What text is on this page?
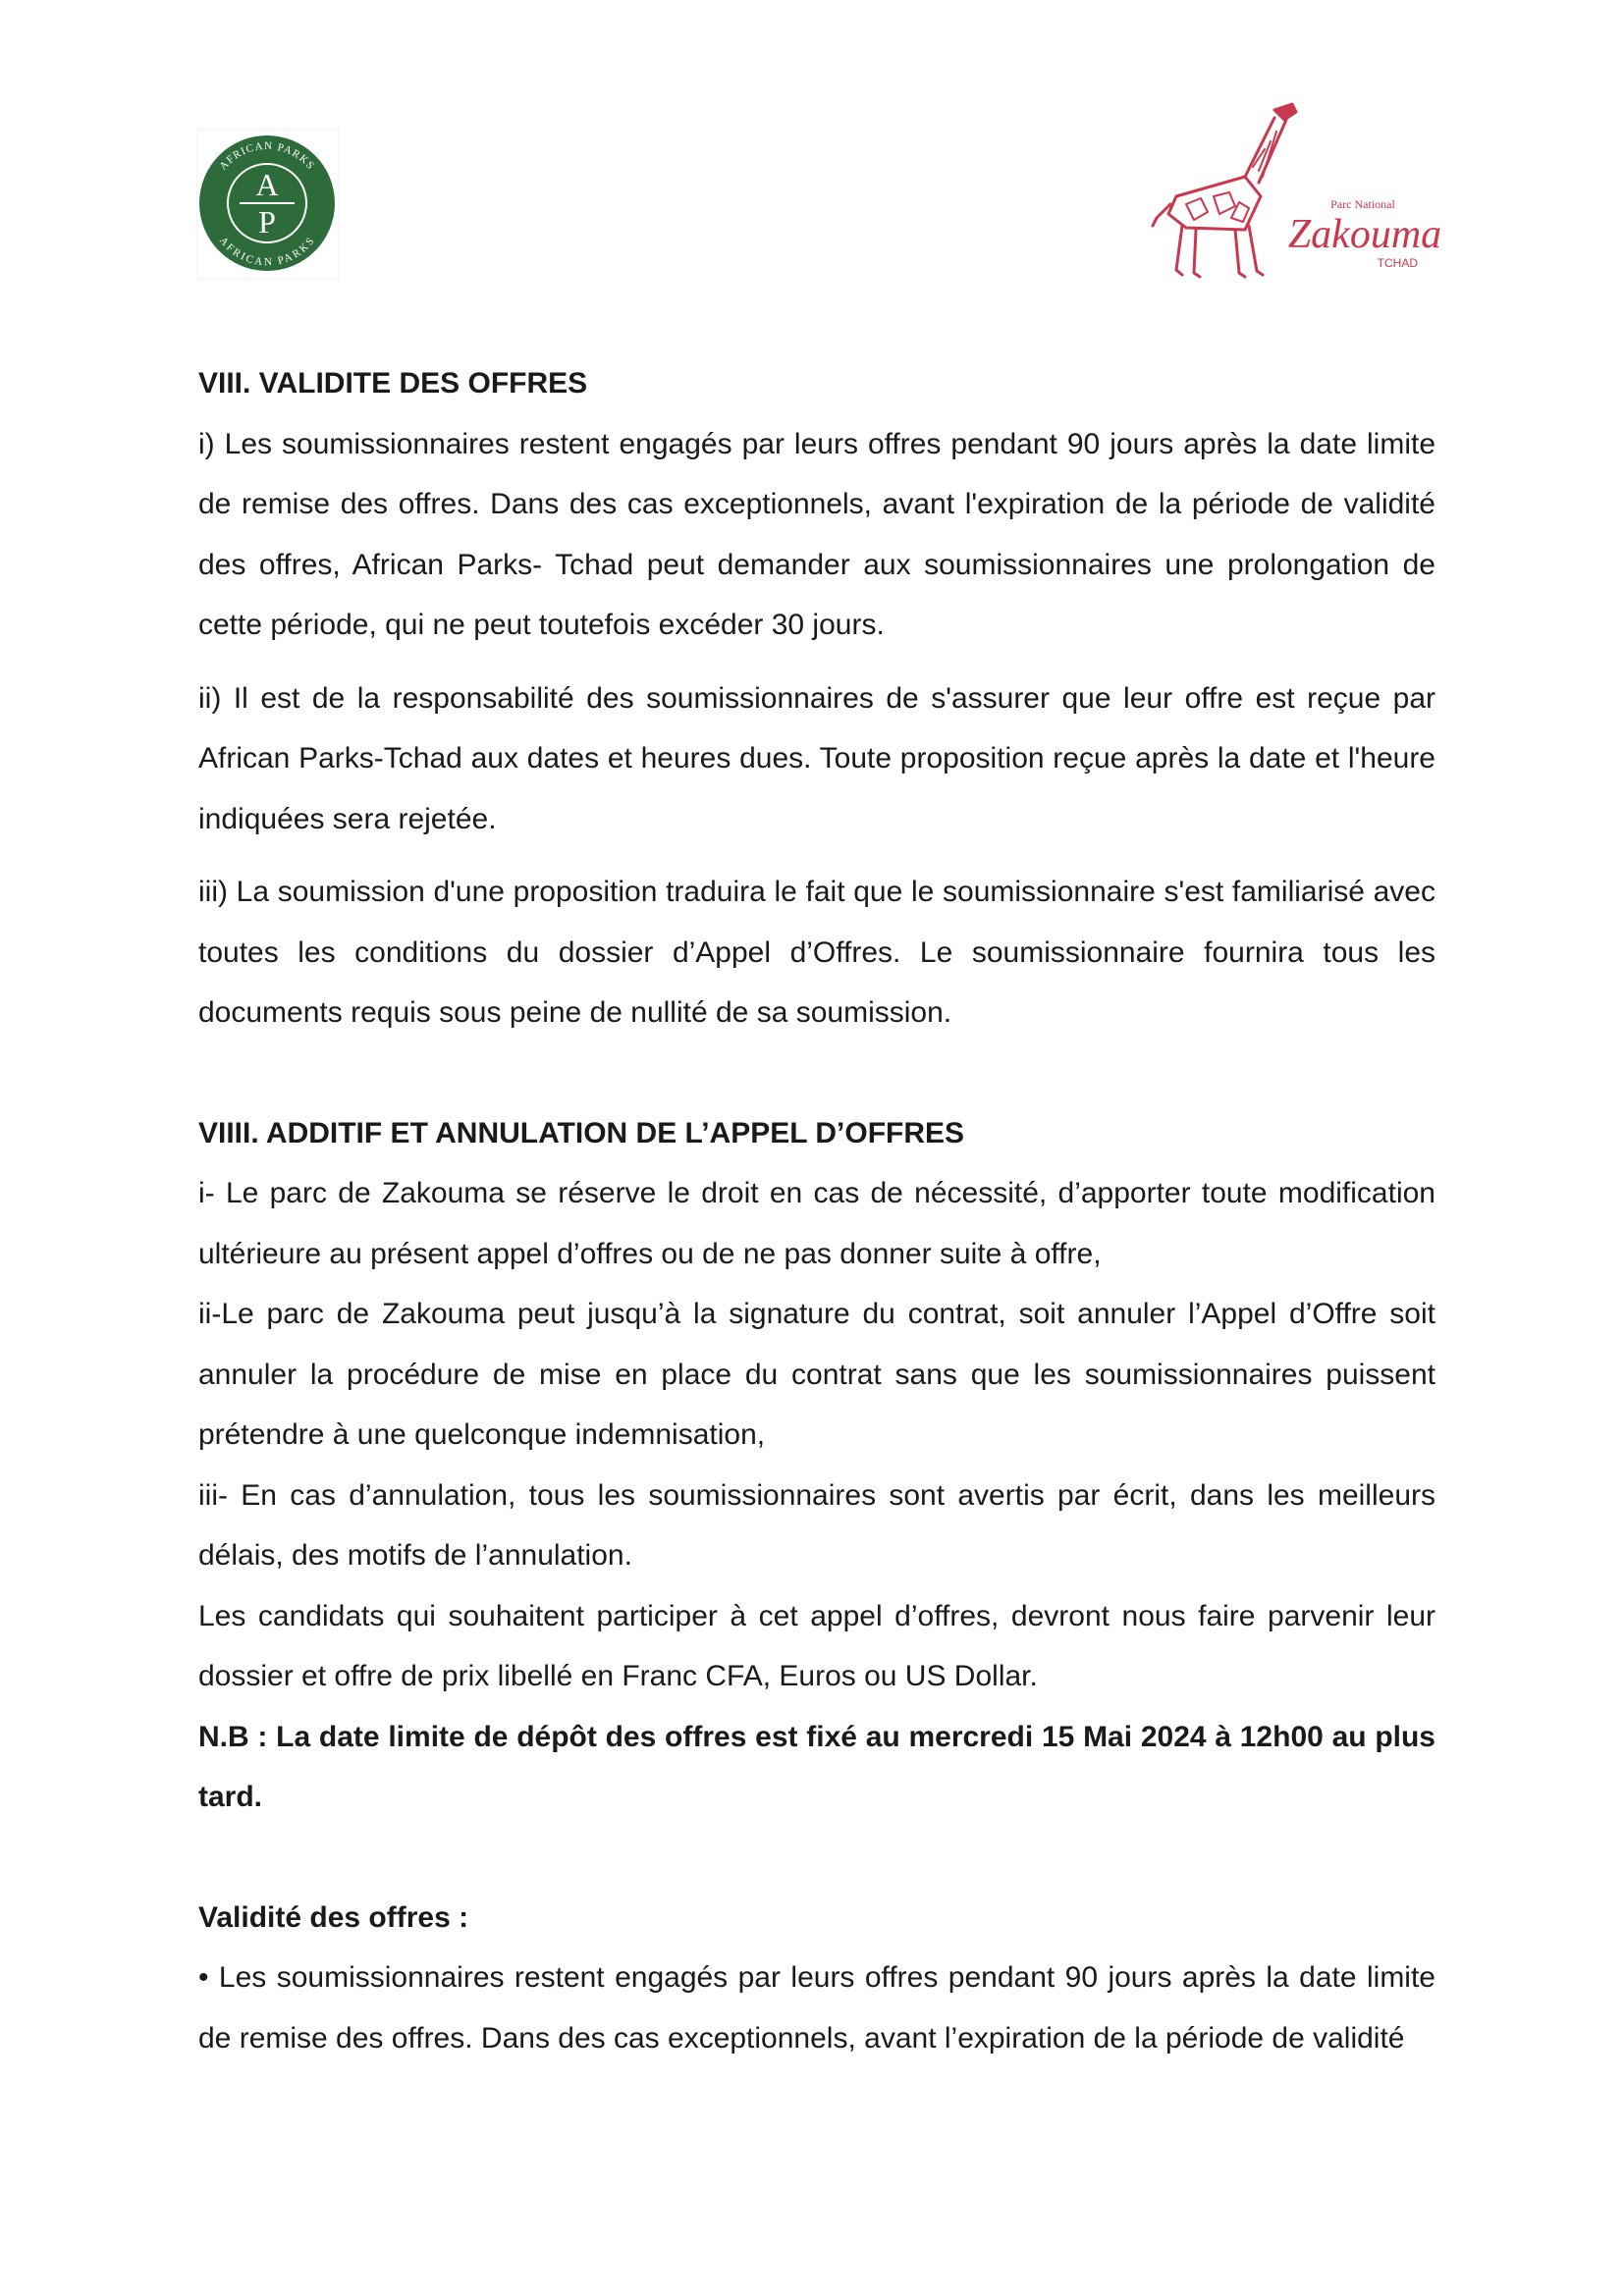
A
P
AFRICAN PARKS
AFRICAN PARKS
Parc National
Zakouma
TCHAD

VIII. VALIDITE DES OFFRES

i) Les soumissionnaires restent engagés par leurs offres pendant 90 jours après la date limite de remise des offres. Dans des cas exceptionnels, avant l'expiration de la période de validité des offres, African Parks- Tchad peut demander aux soumissionnaires une prolongation de cette période, qui ne peut toutefois excéder 30 jours.

ii) Il est de la responsabilité des soumissionnaires de s'assurer que leur offre est reçue par African Parks-Tchad aux dates et heures dues. Toute proposition reçue après la date et l'heure indiquées sera rejetée.

iii) La soumission d'une proposition traduira le fait que le soumissionnaire s'est familiarisé avec toutes les conditions du dossier d’Appel d’Offres. Le soumissionnaire fournira tous les documents requis sous peine de nullité de sa soumission.

VIIII. ADDITIF ET ANNULATION DE L’APPEL D’OFFRES

i- Le parc de Zakouma se réserve le droit en cas de nécessité, d’apporter toute modification ultérieure au présent appel d’offres ou de ne pas donner suite à offre,

ii-Le parc de Zakouma peut jusqu’à la signature du contrat, soit annuler l’Appel d’Offre soit annuler la procédure de mise en place du contrat sans que les soumissionnaires puissent prétendre à une quelconque indemnisation,

iii- En cas d’annulation, tous les soumissionnaires sont avertis par écrit, dans les meilleurs délais, des motifs de l’annulation.

Les candidats qui souhaitent participer à cet appel d’offres, devront nous faire parvenir leur dossier et offre de prix libellé en Franc CFA, Euros ou US Dollar.

N.B : La date limite de dépôt des offres est fixé au mercredi 15 Mai 2024 à 12h00 au plus tard.

Validité des offres :

• Les soumissionnaires restent engagés par leurs offres pendant 90 jours après la date limite de remise des offres. Dans des cas exceptionnels, avant l’expiration de la période de validité
